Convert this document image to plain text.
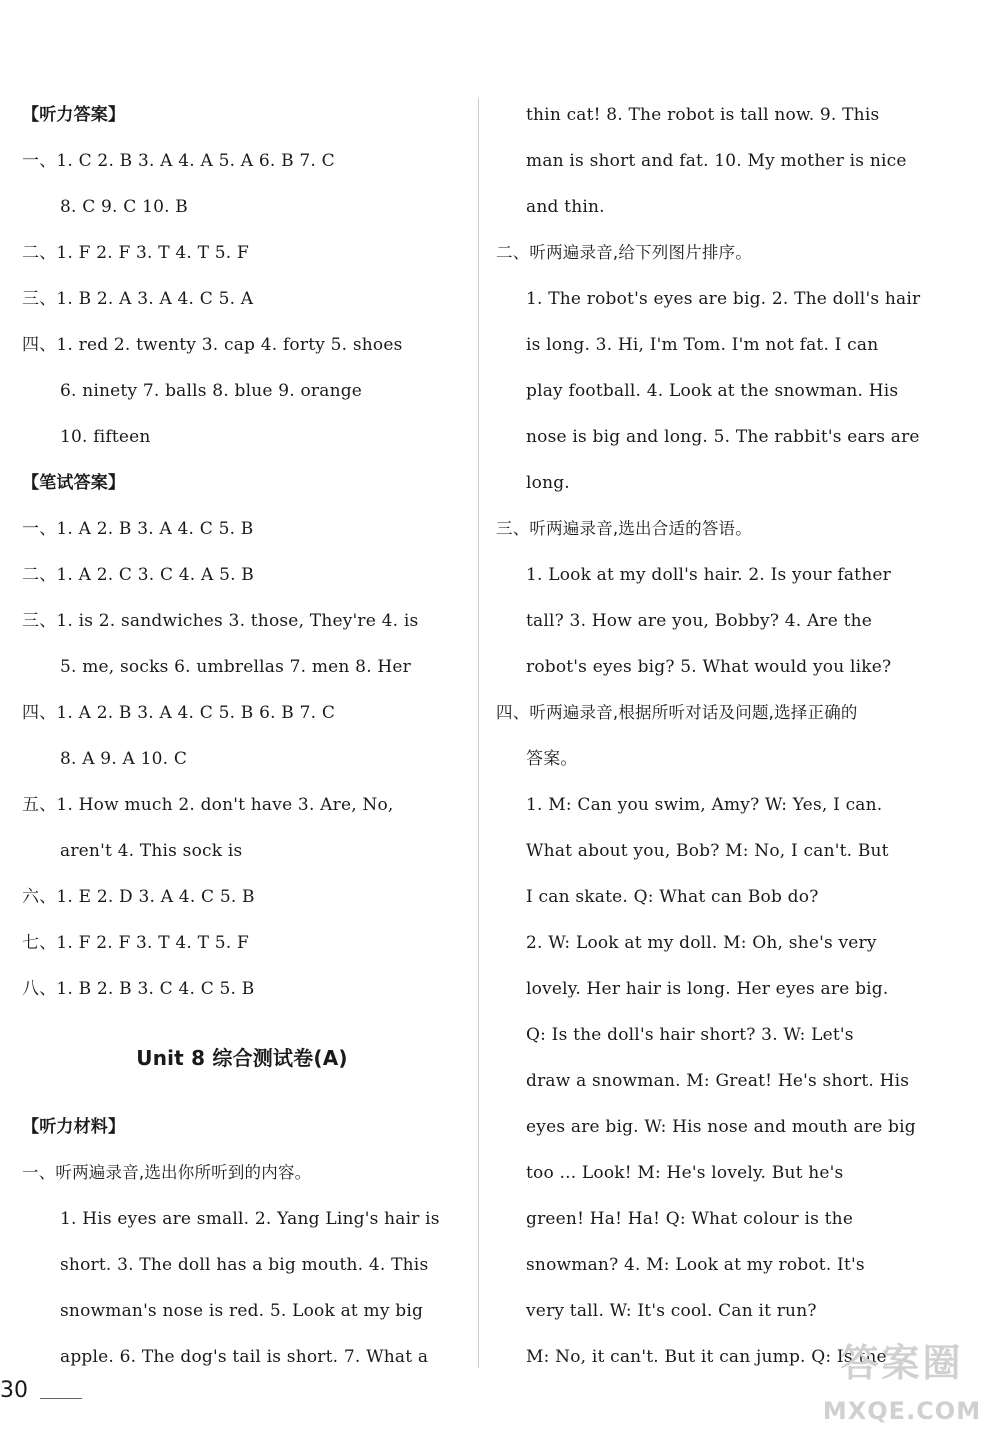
【听力答案】
一、1. C 2. B 3. A 4. A 5. A 6. B 7. C
8. C 9. C 10. B
二、1. F 2. F 3. T 4. T 5. F
三、1. B 2. A 3. A 4. C 5. A
四、1. red 2. twenty 3. cap 4. forty 5. shoes
6. ninety 7. balls 8. blue 9. orange
10. fifteen
【笔试答案】
一、1. A 2. B 3. A 4. C 5. B
二、1. A 2. C 3. C 4. A 5. B
三、1. is 2. sandwiches 3. those, They're 4. is
5. me, socks 6. umbrellas 7. men 8. Her
四、1. A 2. B 3. A 4. C 5. B 6. B 7. C
8. A 9. A 10. C
五、1. How much 2. don't have 3. Are, No,
aren't 4. This sock is
六、1. E 2. D 3. A 4. C 5. B
七、1. F 2. F 3. T 4. T 5. F
八、1. B 2. B 3. C 4. C 5. B
Unit 8 综合测试卷(A)
【听力材料】
一、听两遍录音,选出你所听到的内容。
1. His eyes are small. 2. Yang Ling's hair is
short. 3. The doll has a big mouth. 4. This
snowman's nose is red. 5. Look at my big
apple. 6. The dog's tail is short. 7. What a
thin cat! 8. The robot is tall now. 9. This
man is short and fat. 10. My mother is nice
and thin.
二、听两遍录音,给下列图片排序。
1. The robot's eyes are big. 2. The doll's hair
is long. 3. Hi, I'm Tom. I'm not fat. I can
play football. 4. Look at the snowman. His
nose is big and long. 5. The rabbit's ears are
long.
三、听两遍录音,选出合适的答语。
1. Look at my doll's hair. 2. Is your father
tall? 3. How are you, Bobby? 4. Are the
robot's eyes big? 5. What would you like?
四、听两遍录音,根据所听对话及问题,选择正确的
答案。
1. M: Can you swim, Amy? W: Yes, I can.
What about you, Bob? M: No, I can't. But
I can skate. Q: What can Bob do?
2. W: Look at my doll. M: Oh, she's very
lovely. Her hair is long. Her eyes are big.
Q: Is the doll's hair short? 3. W: Let's
draw a snowman. M: Great! He's short. His
eyes are big. W: His nose and mouth are big
too ... Look! M: He's lovely. But he's
green! Ha! Ha! Q: What colour is the
snowman? 4. M: Look at my robot. It's
very tall. W: It's cool. Can it run?
M: No, it can't. But it can jump. Q: Is the
30
答案圈
MXQE.COM
